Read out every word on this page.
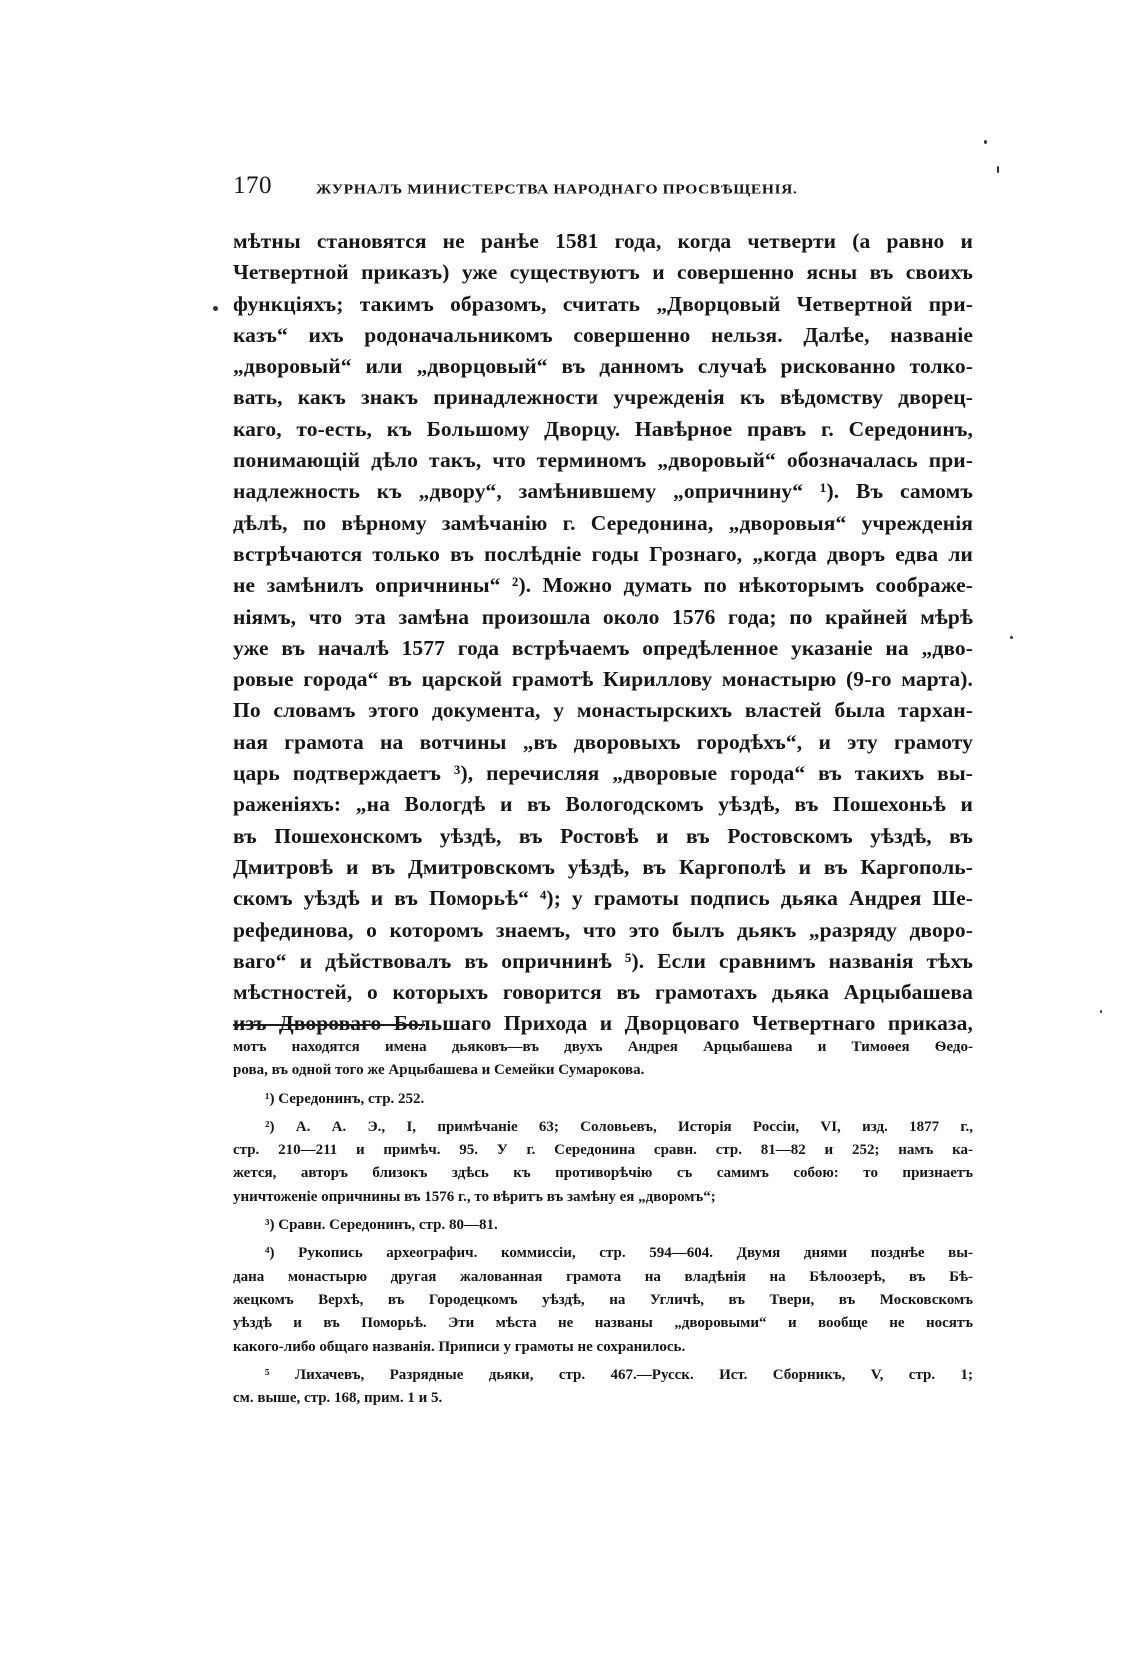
170	ЖУРНАЛЪ МИНИСТЕРСТВА НАРОДНАГО ПРОСВѢЩЕНІЯ.
мѣтны становятся не ранѣе 1581 года, когда четверти (а равно и
Четвертной приказъ) уже существуютъ и совершенно ясны въ своихъ
функціяхъ; такимъ образомъ, считать „Дворцовый Четвертной при-
казъ“ ихъ родоначальникомъ совершенно нельзя. Далѣе, названіе
„дворовый“ или „дворцовый“ въ данномъ случаѣ рискованно толко-
вать, какъ знакъ принадлежности учрежденія къ вѣдомству дворец-
каго, то-есть, къ Большому Дворцу. Навѣрное правъ г. Середонинъ,
понимающій дѣло такъ, что терминомъ „дворовый“ обозначалась при-
надлежность къ „двору“, замѣнившему „опричнину“ ¹). Въ самомъ
дѣлѣ, по вѣрному замѣчанію г. Середонина, „дворовыя“ учрежденія
встрѣчаются только въ послѣдніе годы Грознаго, „когда дворъ едва ли
не замѣнилъ опричнины“ ²). Можно думать по нѣкоторымъ соображе-
ніямъ, что эта замѣна произошла около 1576 года; по крайней мѣрѣ
уже въ началѣ 1577 года встрѣчаемъ опредѣленное указаніе на „дво-
ровые города“ въ царской грамотѣ Кириллову монастырю (9-го марта).
По словамъ этого документа, у монастырскихъ властей была тархан-
ная грамота на вотчины „въ дворовыхъ городѣхъ“, и эту грамоту
царь подтверждаетъ ³), перечисляя „дворовые города“ въ такихъ вы-
раженіяхъ: „на Вологдѣ и въ Вологодскомъ уѣздѣ, въ Пошехоньѣ и
въ Пошехонскомъ уѣздѣ, въ Ростовѣ и въ Ростовскомъ уѣздѣ, въ
Дмитровѣ и въ Дмитровскомъ уѣздѣ, въ Каргополѣ и въ Каргополь-
скомъ уѣздѣ и въ Поморьѣ“ ⁴); у грамоты подпись дьяка Андрея Ше-
рефединова, о которомъ знаемъ, что это былъ дьякъ „разряду дворо-
ваго“ и дѣйствовалъ въ опричнинѣ ⁵). Если сравнимъ названія тѣхъ
мѣстностей, о которыхъ говорится въ грамотахъ дьяка Арцыбашева
изъ Двороваго Большаго Прихода и Дворцоваго Четвертнаго приказа,
мотъ находятся имена дьяковъ—въ двухъ Андрея Арцыбашева и Тимоѳея Ѳедо-
рова, въ одной того же Арцыбашева и Семейки Сумарокова.
¹) Середонинъ, стр. 252.
²) А. А. Э., I, примѣчаніе 63; Соловьевъ, Исторія Россіи, VI, изд. 1877 г.,
стр. 210—211 и примѣч. 95. У г. Середонина сравн. стр. 81—82 и 252; намъ ка-
жется, авторъ близокъ здѣсь къ противорѣчію съ самимъ собою: то признаетъ
уничтоженіе опричнины въ 1576 г., то вѣритъ въ замѣну ея „дворомъ“;
³) Сравн. Середонинъ, стр. 80—81.
⁴) Рукопись археографич. коммиссіи, стр. 594—604. Двумя днями позднѣе вы-
дана монастырю другая жалованная грамота на владѣнія на Бѣлоозерѣ, въ Бѣ-
жецкомъ Верхѣ, въ Городецкомъ уѣздѣ, на Угличѣ, въ Твери, въ Московскомъ
уѣздѣ и въ Поморьѣ. Эти мѣста не названы „дворовыми“ и вообще не носятъ
какого-либо общаго названія. Приписи у грамоты не сохранилось.
⁵ Лихачевъ, Разрядные дьяки, стр. 467.—Русск. Ист. Сборникъ, V, стр. 1;
см. выше, стр. 168, прим. 1 и 5.
